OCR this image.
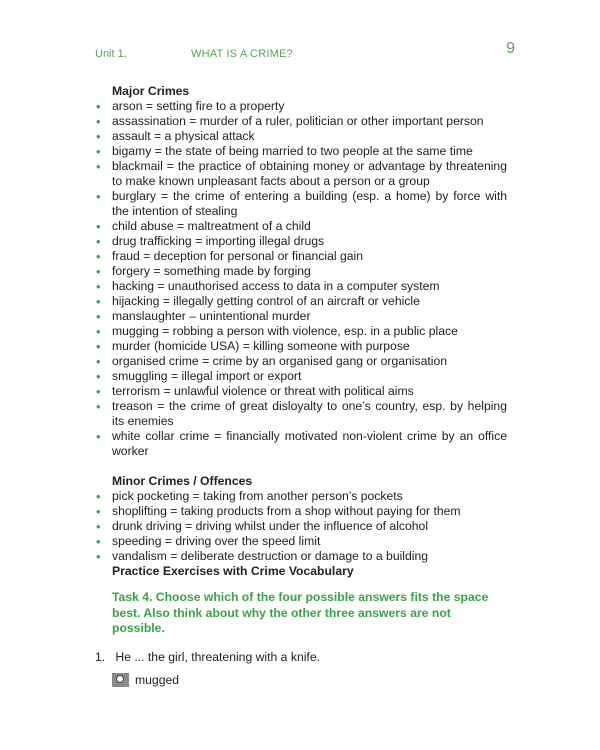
Unit 1.	WHAT IS A CRIME?	9
Major Crimes
• arson = setting fire to a property
• assassination = murder of a ruler, politician or other important person
• assault = a physical attack
• bigamy = the state of being married to two people at the same time
• blackmail = the practice of obtaining money or advantage by threatening to make known unpleasant facts about a person or a group
• burglary = the crime of entering a building (esp. a home) by force with the intention of stealing
• child abuse = maltreatment of a child
• drug trafficking = importing illegal drugs
• fraud = deception for personal or financial gain
• forgery = something made by forging
• hacking = unauthorised access to data in a computer system
• hijacking = illegally getting control of an aircraft or vehicle
• manslaughter – unintentional murder
• mugging = robbing a person with violence, esp. in a public place
• murder (homicide USA) = killing someone with purpose
• organised crime = crime by an organised gang or organisation
• smuggling = illegal import or export
• terrorism = unlawful violence or threat with political aims
• treason = the crime of great disloyalty to one’s country, esp. by helping its enemies
• white collar crime = financially motivated non-violent crime by an office worker
Minor Crimes / Offences
• pick pocketing = taking from another person’s pockets
• shoplifting = taking products from a shop without paying for them
• drunk driving = driving whilst under the influence of alcohol
• speeding = driving over the speed limit
• vandalism = deliberate destruction or damage to a building
Practice Exercises with Crime Vocabulary
Task 4. Choose which of the four possible answers fits the space best. Also think about why the other three answers are not possible.
1. He ... the girl, threatening with a knife.
mugged
